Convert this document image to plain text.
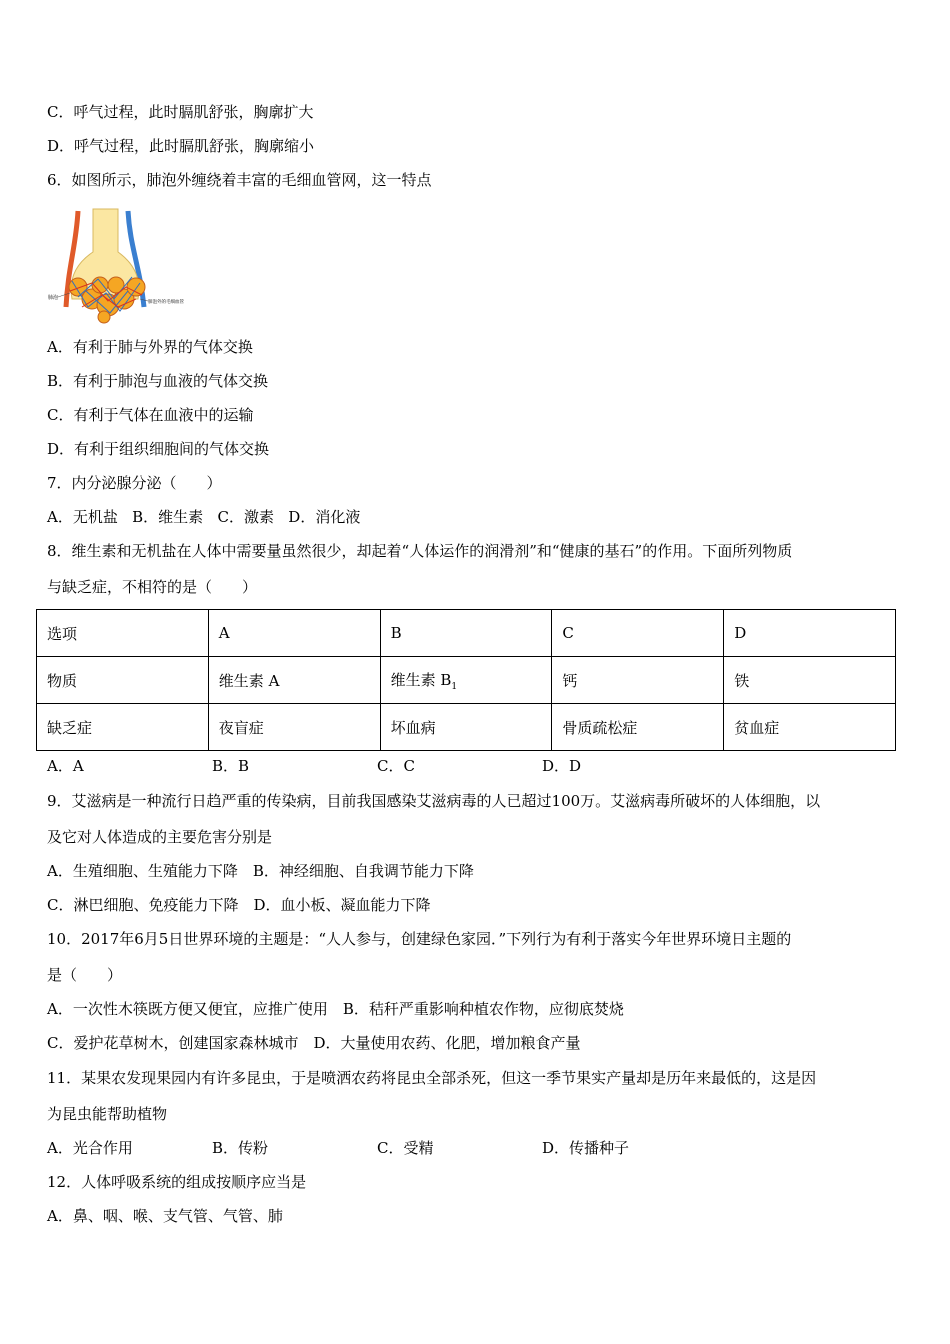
C．呼气过程，此时膈肌舒张，胸廓扩大
D．呼气过程，此时膈肌舒张，胸廓缩小
6．如图所示，肺泡外缠绕着丰富的毛细血管网，这一特点
肺泡
肺泡外的毛细血管
A．有利于肺与外界的气体交换
B．有利于肺泡与血液的气体交换
C．有利于气体在血液中的运输
D．有利于组织细胞间的气体交换
7．内分泌腺分泌（　　）
A．无机盐 B．维生素 C．激素 D．消化液
8．维生素和无机盐在人体中需要量虽然很少，却起着“人体运作的润滑剂”和“健康的基石”的作用。下面所列物质
与缺乏症，不相符的是（　　）
选项	A	B	C	D
物质	维生素 A	维生素 $B_1$	钙	铁
缺乏症	夜盲症	坏血病	骨质疏松症	贫血症
A．A	B．B	C．C	D．D
9．艾滋病是一种流行日趋严重的传染病，目前我国感染艾滋病毒的人已超过100万。艾滋病毒所破坏的人体细胞，以
及它对人体造成的主要危害分别是
A．生殖细胞、生殖能力下降　B．神经细胞、自我调节能力下降
C．淋巴细胞、免疫能力下降　D．血小板、凝血能力下降
10．2017年6月5日世界环境的主题是：“人人参与，创建绿色家园．”下列行为有利于落实今年世界环境日主题的
是（　　）
A．一次性木筷既方便又便宜，应推广使用　B．秸秆严重影响种植农作物，应彻底焚烧
C．爱护花草树木，创建国家森林城市　D．大量使用农药、化肥，增加粮食产量
11．某果农发现果园内有许多昆虫，于是喷洒农药将昆虫全部杀死，但这一季节果实产量却是历年来最低的，这是因
为昆虫能帮助植物
A．光合作用	B．传粉	C．受精	D．传播种子
12．人体呼吸系统的组成按顺序应当是
A．鼻、咽、喉、支气管、气管、肺
